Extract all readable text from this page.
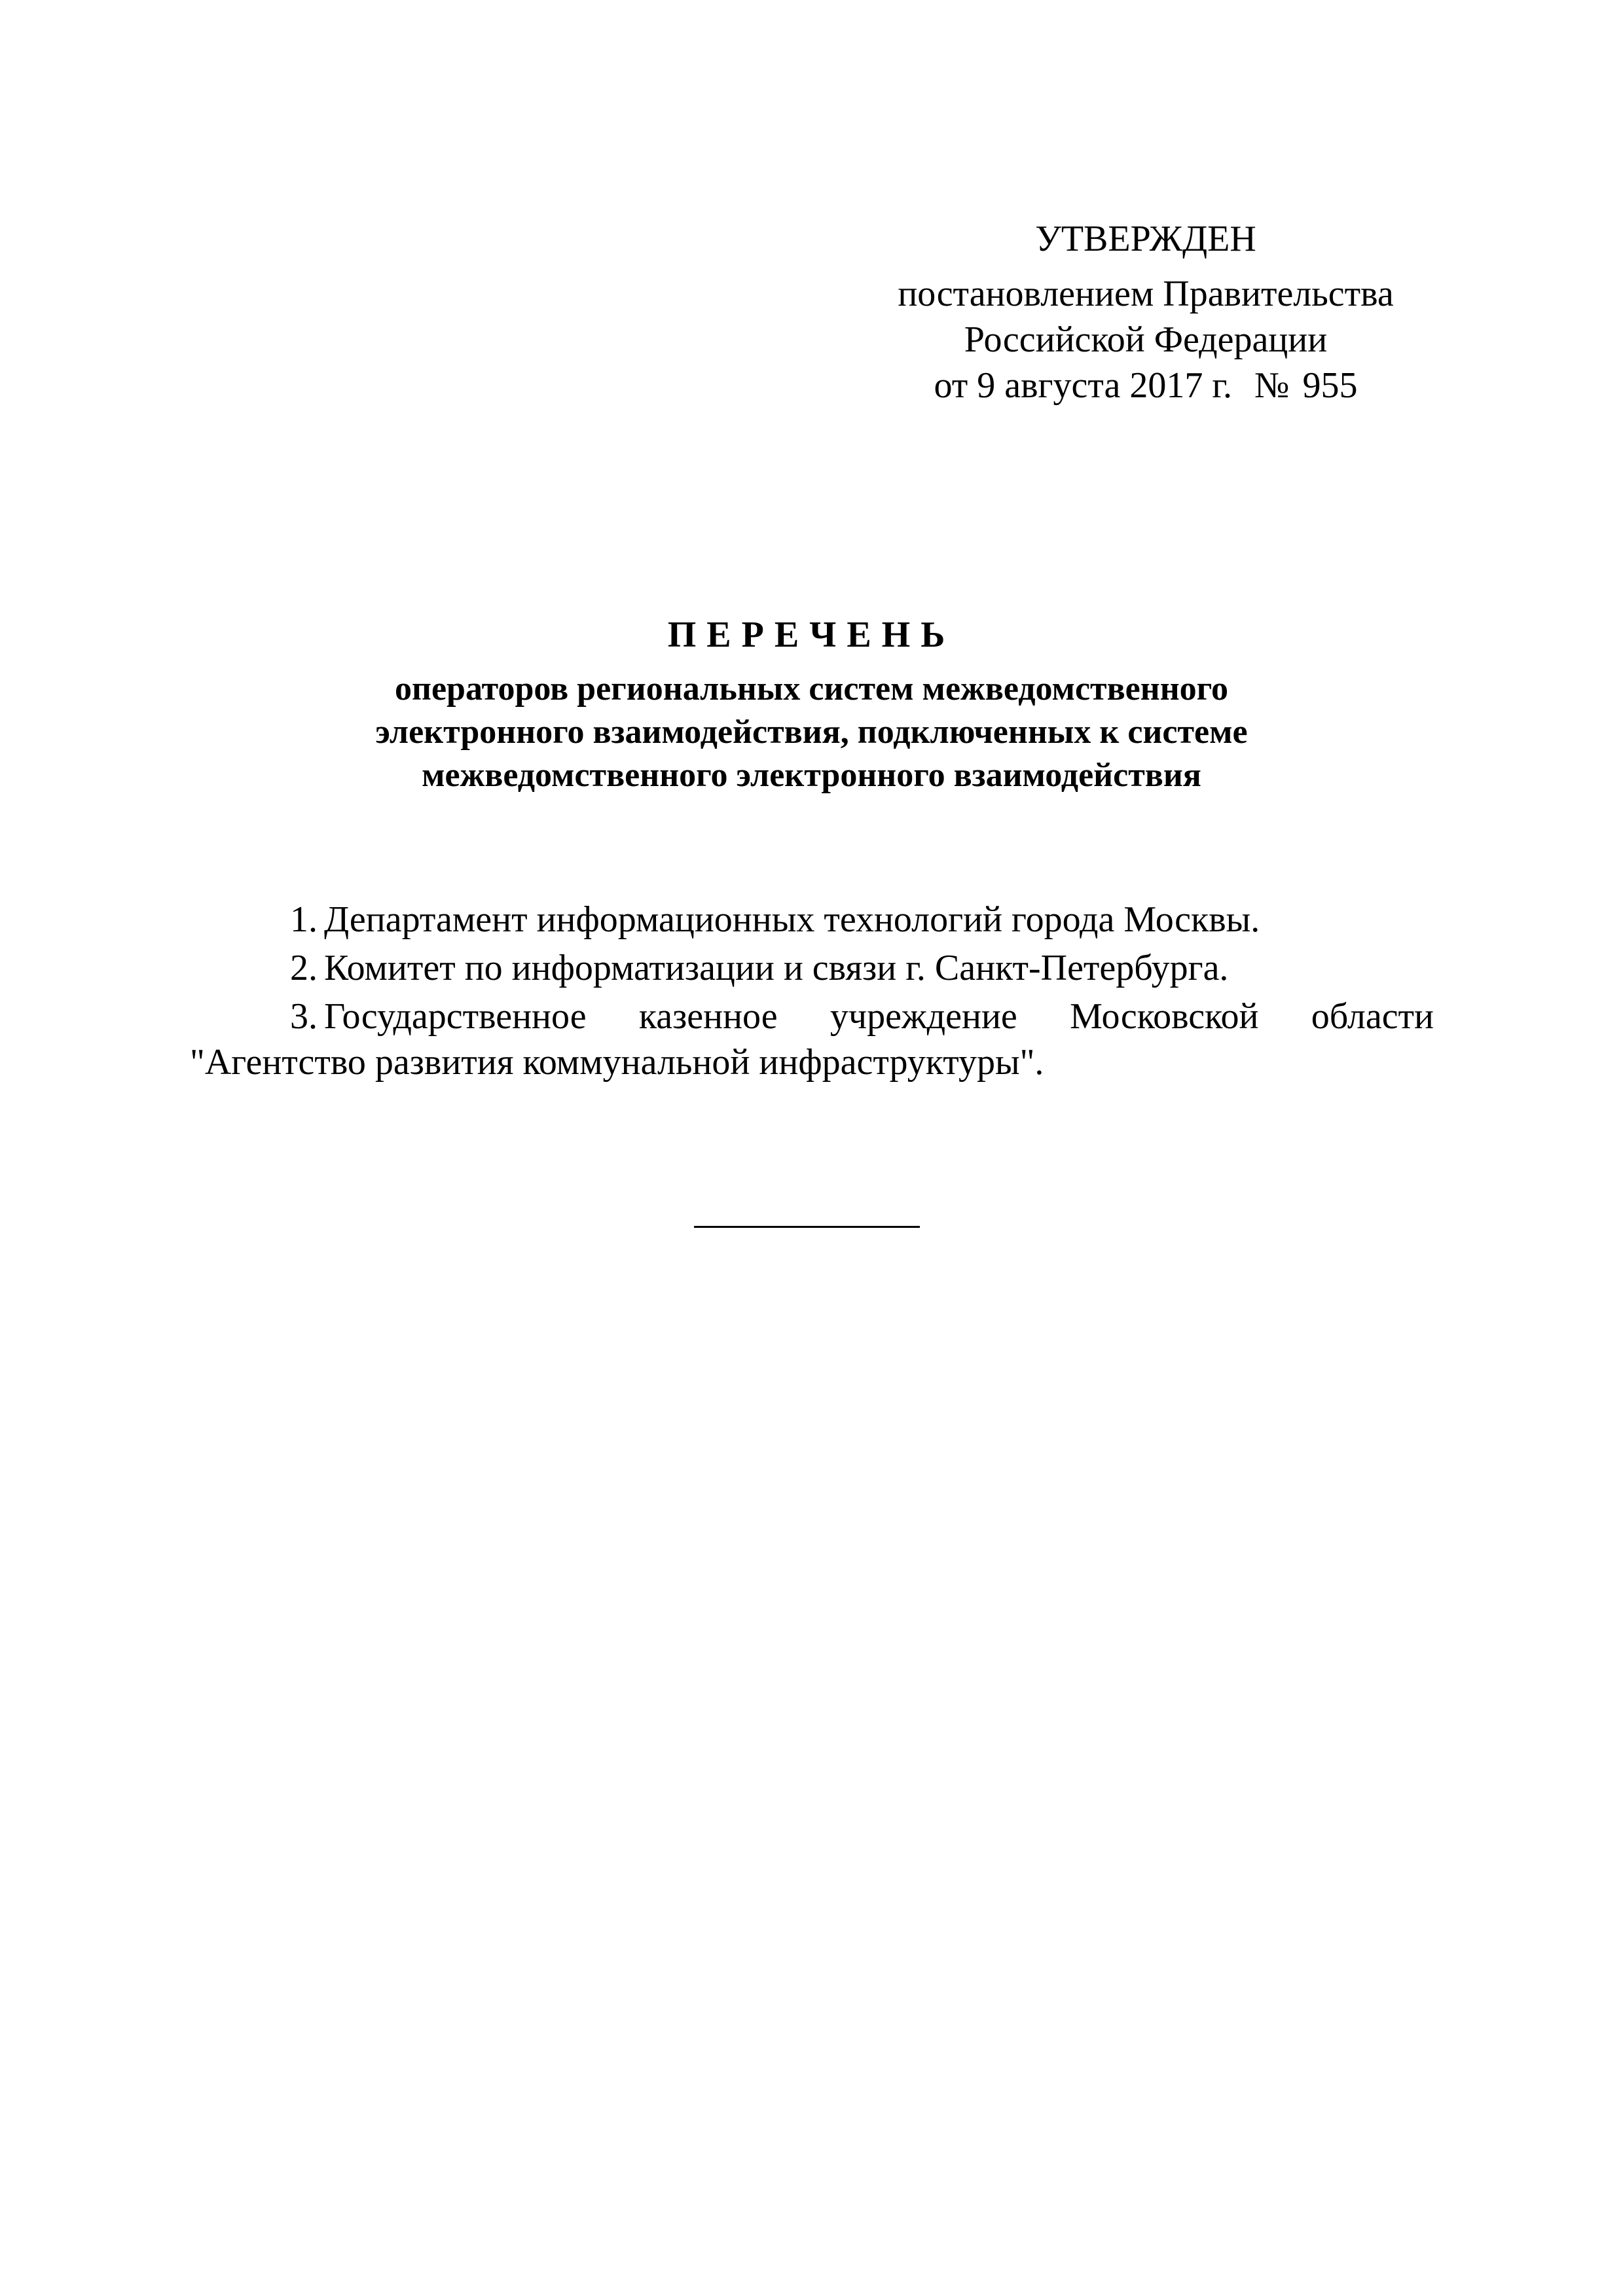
УТВЕРЖДЕН
постановлением Правительства
Российской Федерации
от 9 августа 2017 г. № 955
ПЕРЕЧЕНЬ
операторов региональных систем межведомственного
электронного взаимодействия, подключенных к системе
межведомственного электронного взаимодействия
1. Департамент информационных технологий города Москвы.
2. Комитет по информатизации и связи г. Санкт-Петербурга.
3. Государственное казенное учреждение Московской области "Агентство развития коммунальной инфраструктуры".
